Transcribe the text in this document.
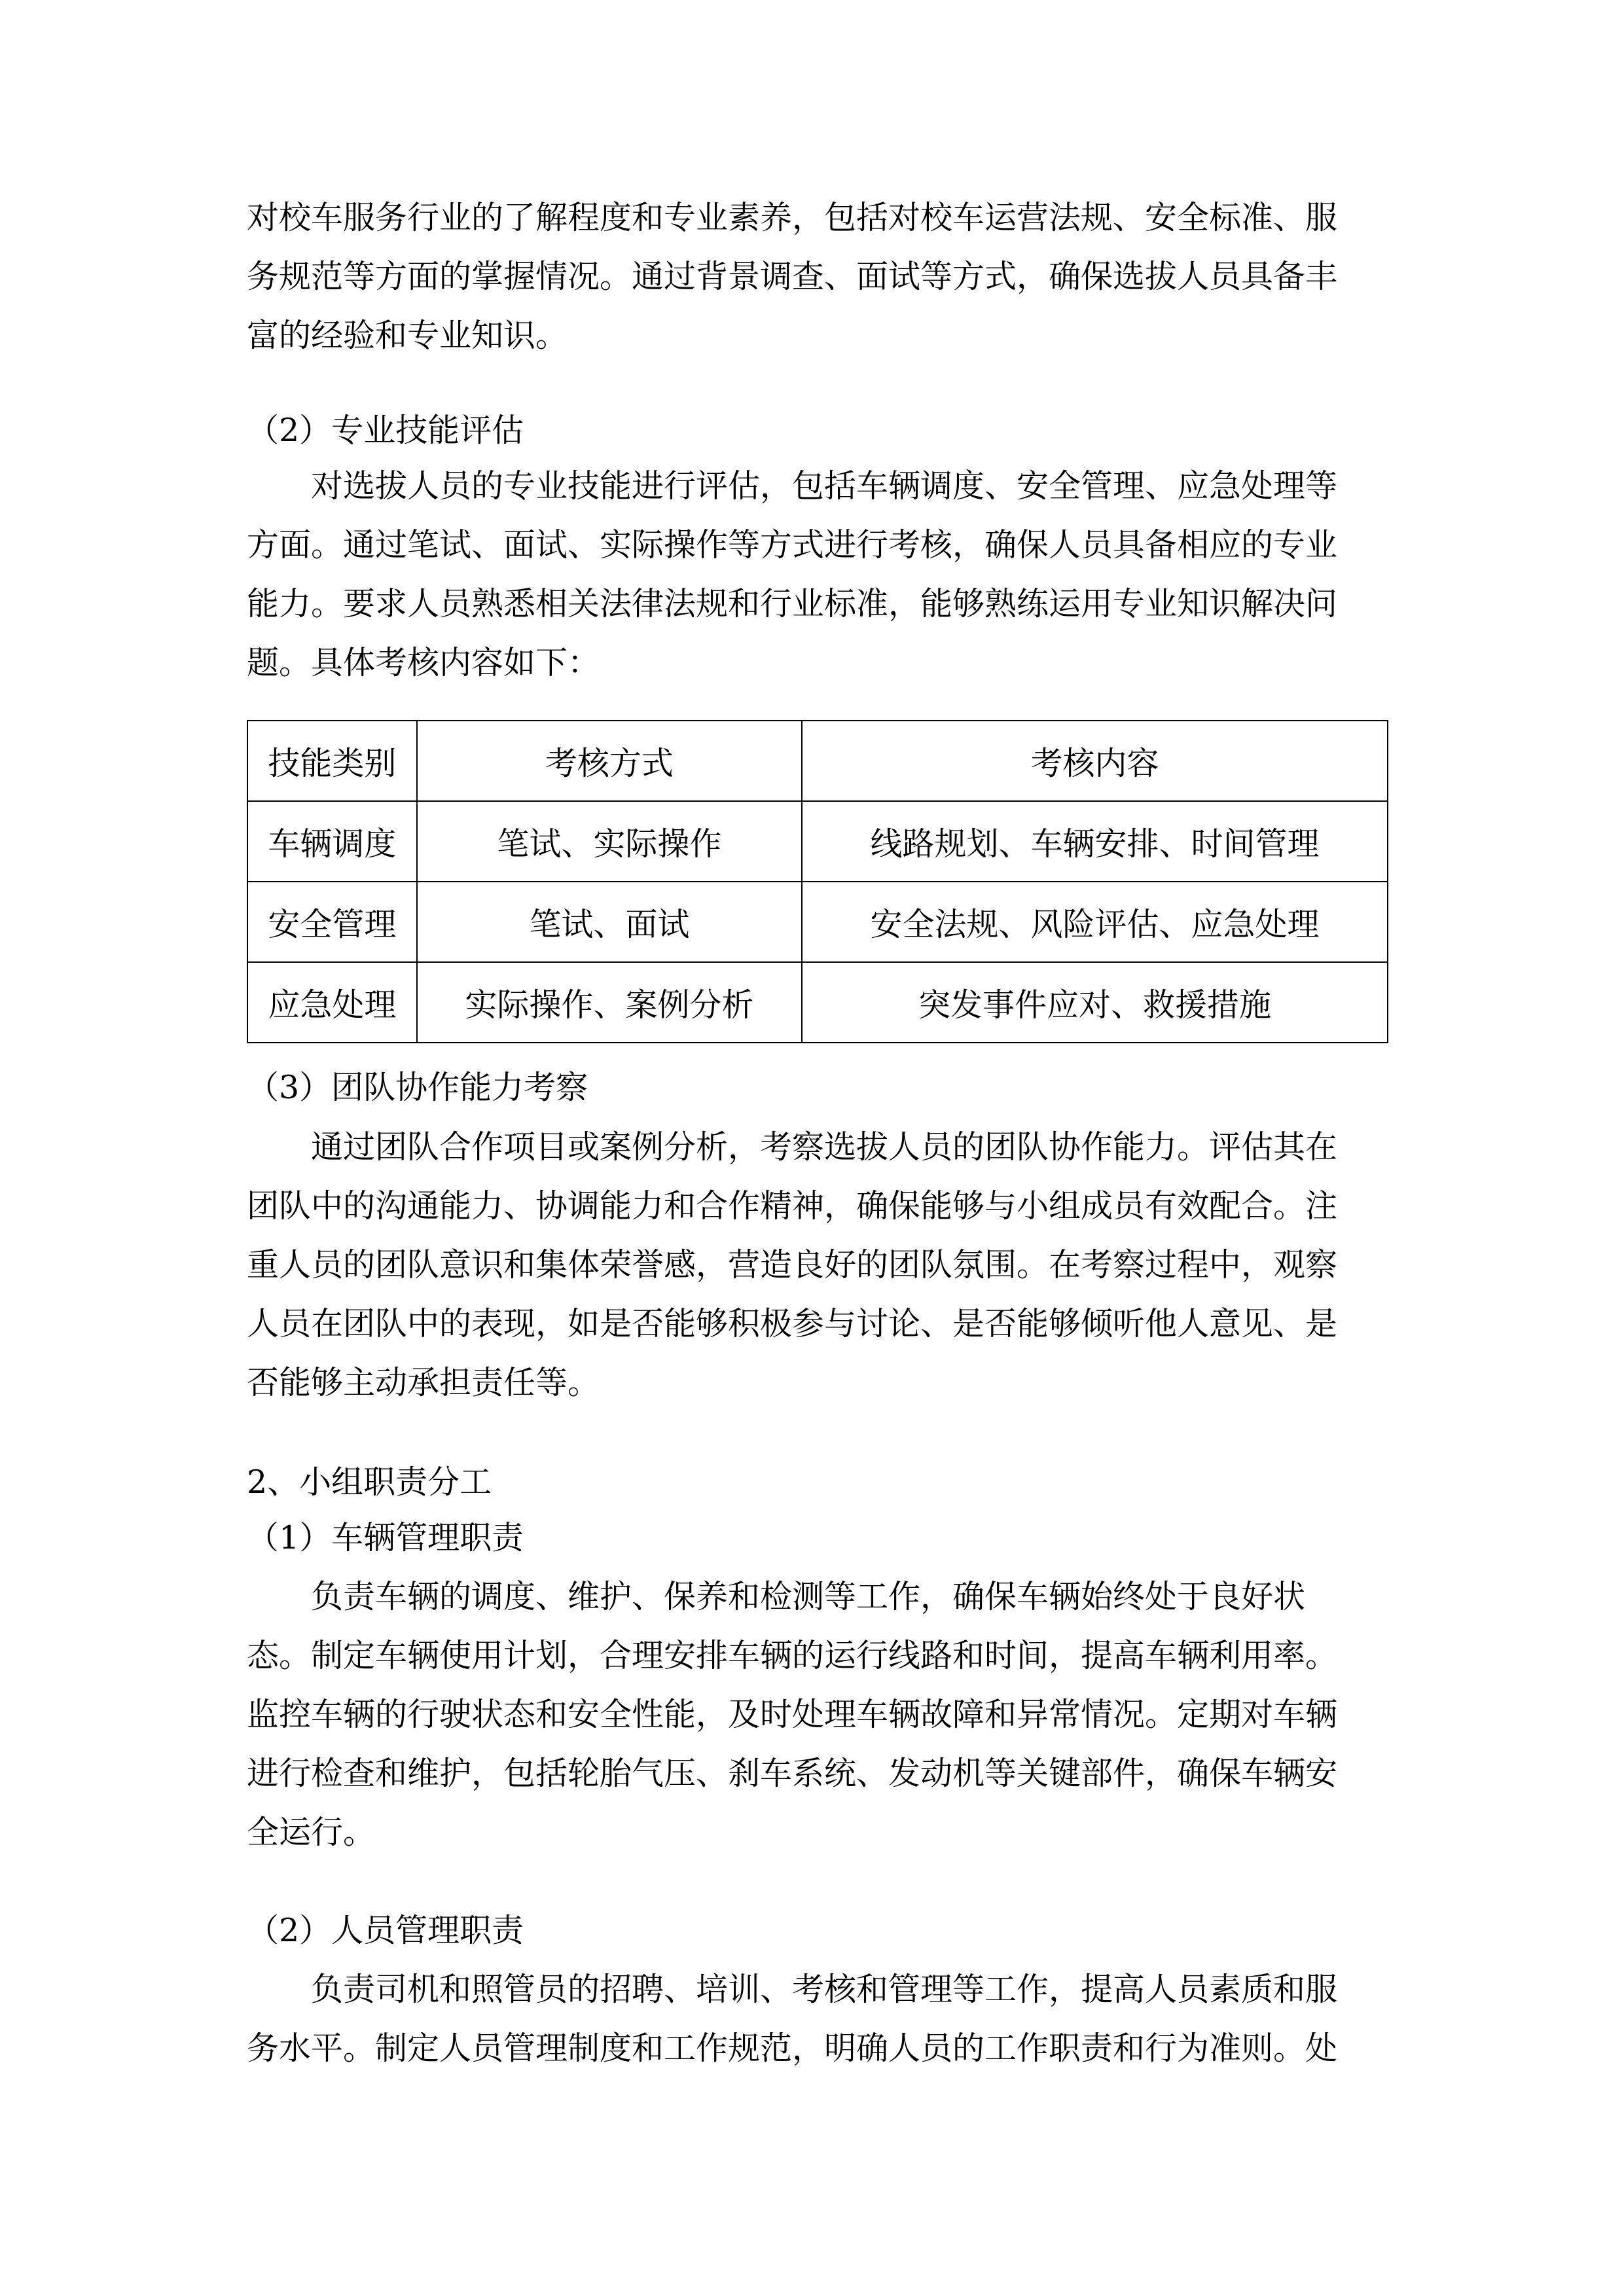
对校车服务行业的了解程度和专业素养，包括对校车运营法规、安全标准、服
务规范等方面的掌握情况。通过背景调查、面试等方式，确保选拔人员具备丰
富的经验和专业知识。
（2）专业技能评估
对选拔人员的专业技能进行评估，包括车辆调度、安全管理、应急处理等
方面。通过笔试、面试、实际操作等方式进行考核，确保人员具备相应的专业
能力。要求人员熟悉相关法律法规和行业标准，能够熟练运用专业知识解决问
题。具体考核内容如下：
技能类别	考核方式	考核内容
车辆调度	笔试、实际操作	线路规划、车辆安排、时间管理
安全管理	笔试、面试	安全法规、风险评估、应急处理
应急处理	实际操作、案例分析	突发事件应对、救援措施
（3）团队协作能力考察
通过团队合作项目或案例分析，考察选拔人员的团队协作能力。评估其在
团队中的沟通能力、协调能力和合作精神，确保能够与小组成员有效配合。注
重人员的团队意识和集体荣誉感，营造良好的团队氛围。在考察过程中，观察
人员在团队中的表现，如是否能够积极参与讨论、是否能够倾听他人意见、是
否能够主动承担责任等。
2、小组职责分工
（1）车辆管理职责
负责车辆的调度、维护、保养和检测等工作，确保车辆始终处于良好状
态。制定车辆使用计划，合理安排车辆的运行线路和时间，提高车辆利用率。
监控车辆的行驶状态和安全性能，及时处理车辆故障和异常情况。定期对车辆
进行检查和维护，包括轮胎气压、刹车系统、发动机等关键部件，确保车辆安
全运行。
（2）人员管理职责
负责司机和照管员的招聘、培训、考核和管理等工作，提高人员素质和服
务水平。制定人员管理制度和工作规范，明确人员的工作职责和行为准则。处
